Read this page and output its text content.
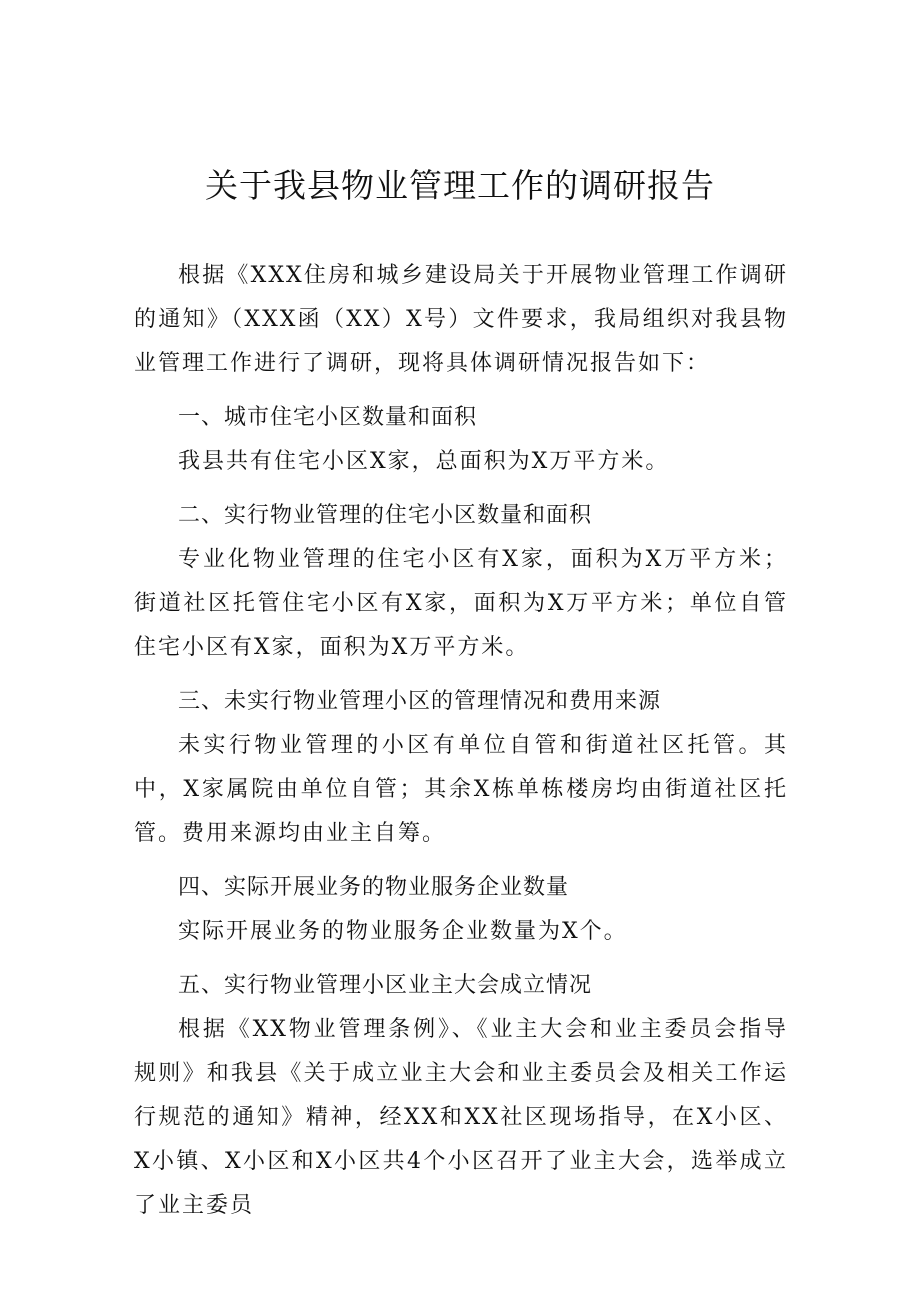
关于我县物业管理工作的调研报告

根据《XXX住房和城乡建设局关于开展物业管理工作调研的通知》（XXX函（XX）X号）文件要求，我局组织对我县物业管理工作进行了调研，现将具体调研情况报告如下：

一、城市住宅小区数量和面积

我县共有住宅小区X家，总面积为X万平方米。

二、实行物业管理的住宅小区数量和面积

专业化物业管理的住宅小区有X家，面积为X万平方米；街道社区托管住宅小区有X家，面积为X万平方米；单位自管住宅小区有X家，面积为X万平方米。

三、未实行物业管理小区的管理情况和费用来源

未实行物业管理的小区有单位自管和街道社区托管。其中，X家属院由单位自管；其余X栋单栋楼房均由街道社区托管。费用来源均由业主自筹。

四、实际开展业务的物业服务企业数量

实际开展业务的物业服务企业数量为X个。

五、实行物业管理小区业主大会成立情况

根据《XX物业管理条例》、《业主大会和业主委员会指导规则》和我县《关于成立业主大会和业主委员会及相关工作运行规范的通知》精神，经XX和XX社区现场指导，在X小区、X小镇、X小区和X小区共4个小区召开了业主大会，选举成立了业主委员
